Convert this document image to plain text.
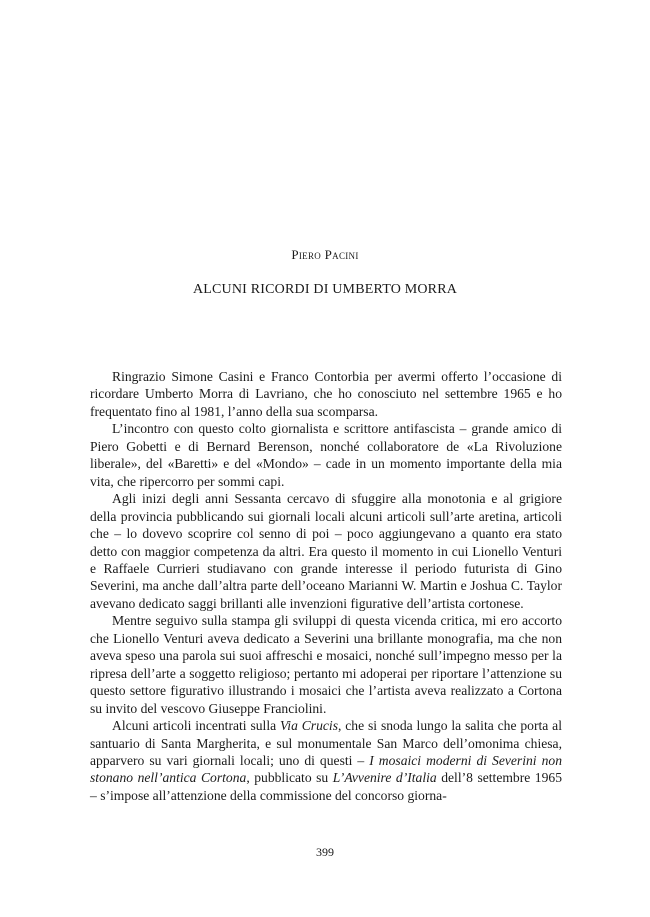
Piero Pacini
ALCUNI RICORDI DI UMBERTO MORRA

Ringrazio Simone Casini e Franco Contorbia per avermi offerto l’occasione di ricordare Umberto Morra di Lavriano, che ho conosciuto nel settembre 1965 e ho frequentato fino al 1981, l’anno della sua scomparsa.

L’incontro con questo colto giornalista e scrittore antifascista – grande amico di Piero Gobetti e di Bernard Berenson, nonché collaboratore de «La Rivoluzione liberale», del «Baretti» e del «Mondo» – cade in un momento importante della mia vita, che ripercorro per sommi capi.

Agli inizi degli anni Sessanta cercavo di sfuggire alla monotonia e al grigiore della provincia pubblicando sui giornali locali alcuni articoli sull’arte aretina, articoli che – lo dovevo scoprire col senno di poi – poco aggiungevano a quanto era stato detto con maggior competenza da altri. Era questo il momento in cui Lionello Venturi e Raffaele Currieri studiavano con grande interesse il periodo futurista di Gino Severini, ma anche dall’altra parte dell’oceano Marianni W. Martin e Joshua C. Taylor avevano dedicato saggi brillanti alle invenzioni figurative dell’artista cortonese.

Mentre seguivo sulla stampa gli sviluppi di questa vicenda critica, mi ero accorto che Lionello Venturi aveva dedicato a Severini una brillante monografia, ma che non aveva speso una parola sui suoi affreschi e mosaici, nonché sull’impegno messo per la ripresa dell’arte a soggetto religioso; pertanto mi adoperai per riportare l’attenzione su questo settore figurativo illustrando i mosaici che l’artista aveva realizzato a Cortona su invito del vescovo Giuseppe Franciolini.

Alcuni articoli incentrati sulla Via Crucis, che si snoda lungo la salita che porta al santuario di Santa Margherita, e sul monumentale San Marco dell’omonima chiesa, apparvero su vari giornali locali; uno di questi – I mosaici moderni di Severini non stonano nell’antica Cortona, pubblicato su L’Avvenire d’Italia dell’8 settembre 1965 – s’impose all’attenzione della commissione del concorso giorna-

399
